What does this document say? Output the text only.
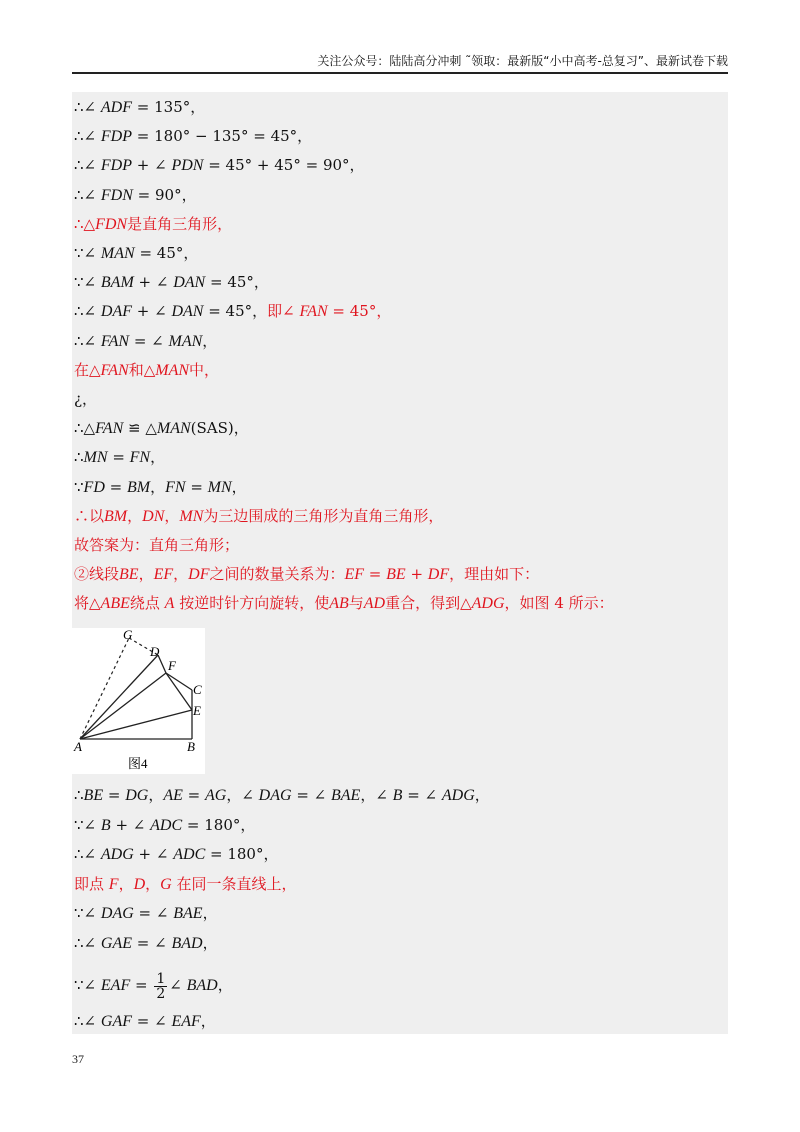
关注公众号：陆陆高分冲刺 ˜领取：最新版“小中高考-总复习”、最新试卷下载
∴∠ ADF = 135°，
∴∠ FDP = 180° − 135° = 45°，
∴∠ FDP + ∠ PDN = 45° + 45° = 90°，
∴∠ FDN = 90°，
∴△FDN是直角三角形，
∵∠ MAN = 45°，
∵∠ BAM + ∠ DAN = 45°，
∴∠ DAF + ∠ DAN = 45°，即∠ FAN = 45°，
∴∠ FAN = ∠ MAN，
在△FAN和△MAN中，
¿，
∴△FAN ≌ △MAN(SAS)，
∴MN = FN，
∵FD = BM，FN = MN，
∴以BM，DN，MN为三边围成的三角形为直角三角形，
故答案为：直角三角形；
②线段BE，EF，DF之间的数量关系为：EF = BE + DF，理由如下：
将△ABE绕点 A 按逆时针方向旋转，使AB与AD重合，得到△ADG，如图 4 所示：
G
D
F
C
E
A	B
图4
∴BE = DG，AE = AG，∠ DAG = ∠ BAE，∠ B = ∠ ADG，
∵∠ B + ∠ ADC = 180°，
∴∠ ADG + ∠ ADC = 180°，
即点 F，D，G 在同一条直线上，
∵∠ DAG = ∠ BAE，
∴∠ GAE = ∠ BAD，
∵∠ EAF = $\frac{1}{2}$ ∠ BAD，
∴∠ GAF = ∠ EAF，
37
